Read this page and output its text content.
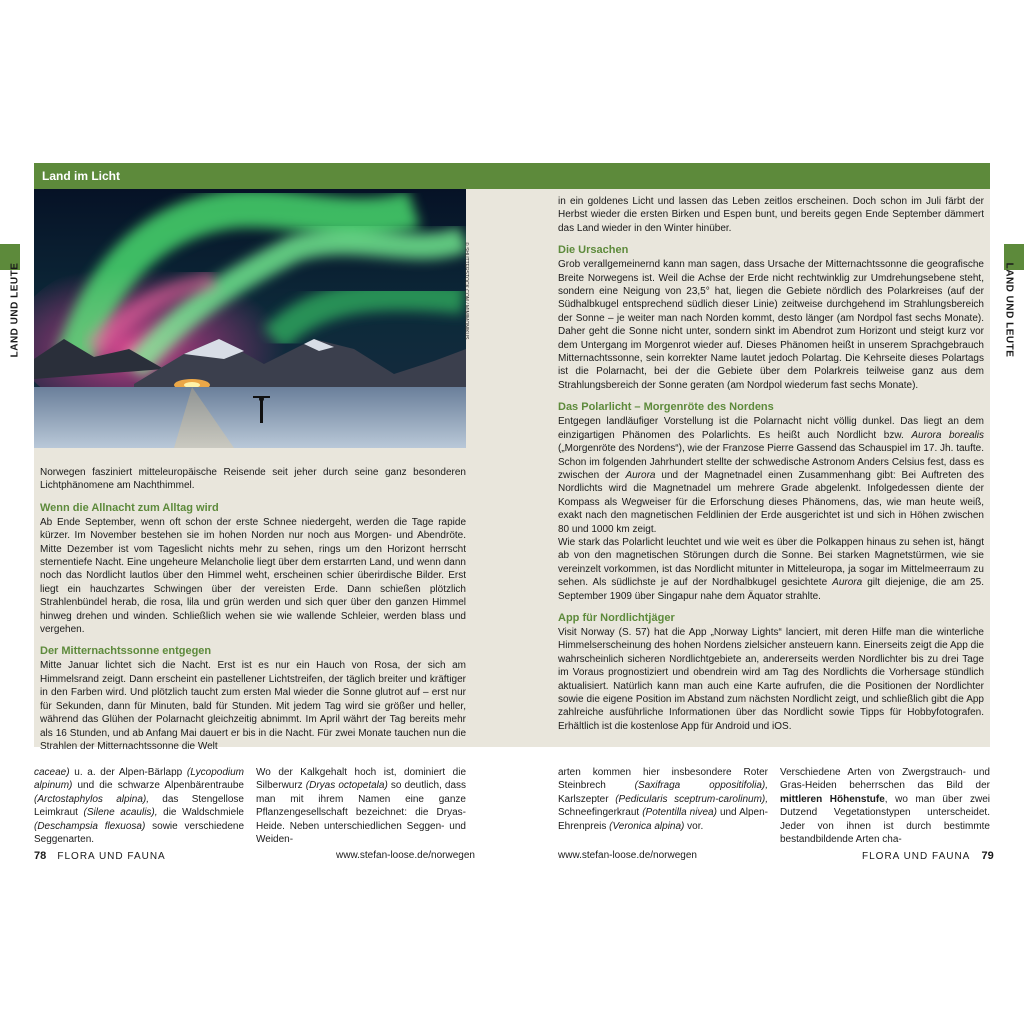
Land im Licht
LAND UND LEUTE	LAND UND LEUTE
© SHUTTERSTOCK.COM / MIMIMONIKUS

Norwegen fasziniert mitteleuropäische Reisende seit jeher durch seine ganz besonderen Lichtphänomene am Nachthimmel.

Wenn die Allnacht zum Alltag wird

Ab Ende September, wenn oft schon der erste Schnee niedergeht, werden die Tage rapide kürzer. Im November bestehen sie im hohen Norden nur noch aus Morgen- und Abendröte. Mitte Dezember ist vom Tageslicht nichts mehr zu sehen, rings um den Horizont herrscht sternentiefe Nacht. Eine ungeheure Melancholie liegt über dem erstarrten Land, und wenn dann noch das Nordlicht lautlos über den Himmel weht, erscheinen schier überirdische Bilder. Erst liegt ein hauchzartes Schwingen über der vereisten Erde. Dann schießen plötzlich Strahlenbündel herab, die rosa, lila und grün werden und sich quer über den ganzen Himmel hinweg drehen und winden. Schließlich wehen sie wie wallende Schleier, werden blass und vergehen.

Der Mitternachtssonne entgegen

Mitte Januar lichtet sich die Nacht. Erst ist es nur ein Hauch von Rosa, der sich am Himmelsrand zeigt. Dann erscheint ein pastellener Lichtstreifen, der täglich breiter und kräftiger in den Farben wird. Und plötzlich taucht zum ersten Mal wieder die Sonne glutrot auf – erst nur für Sekunden, dann für Minuten, bald für Stunden. Mit jedem Tag wird sie größer und heller, während das Glühen der Polarnacht gleichzeitig abnimmt. Im April währt der Tag bereits mehr als 16 Stunden, und ab Anfang Mai dauert er bis in die Nacht. Für zwei Monate tauchen nun die Strahlen der Mitternachtssonne die Welt

in ein goldenes Licht und lassen das Leben zeitlos erscheinen. Doch schon im Juli färbt der Herbst wieder die ersten Birken und Espen bunt, und bereits gegen Ende September dämmert das Land wieder in den Winter hinüber.

Die Ursachen

Grob verallgemeinernd kann man sagen, dass Ursache der Mitternachtssonne die geografische Breite Norwegens ist. Weil die Achse der Erde nicht rechtwinklig zur Umdrehungsebene steht, sondern eine Neigung von 23,5° hat, liegen die Gebiete nördlich des Polarkreises (auf der Südhalbkugel entsprechend südlich dieser Linie) zeitweise durchgehend im Strahlungsbereich der Sonne – je weiter man nach Norden kommt, desto länger (am Nordpol fast sechs Monate). Daher geht die Sonne nicht unter, sondern sinkt im Abendrot zum Horizont und steigt kurz vor dem Untergang im Morgenrot wieder auf. Dieses Phänomen heißt in unserem Sprachgebrauch Mitternachtssonne, sein korrekter Name lautet jedoch Polartag. Die Kehrseite dieses Polartags ist die Polarnacht, bei der die Gebiete über dem Polarkreis teilweise ganz aus dem Strahlungsbereich der Sonne geraten (am Nordpol wiederum fast sechs Monate).

Das Polarlicht – Morgenröte des Nordens

Entgegen landläufiger Vorstellung ist die Polarnacht nicht völlig dunkel. Das liegt an dem einzigartigen Phänomen des Polarlichts. Es heißt auch Nordlicht bzw. Aurora borealis („Morgenröte des Nordens“), wie der Franzose Pierre Gassend das Schauspiel im 17. Jh. taufte. Schon im folgenden Jahrhundert stellte der schwedische Astronom Anders Celsius fest, dass es zwischen der Aurora und der Magnetnadel einen Zusammenhang gibt: Bei Auftreten des Nordlichts wird die Magnetnadel um mehrere Grade abgelenkt. Infolgedessen diente der Kompass als Wegweiser für die Erforschung dieses Phänomens, das, wie man heute weiß, exakt nach den magnetischen Feldlinien der Erde ausgerichtet ist und sich in Höhen zwischen 80 und 1000 km zeigt.

Wie stark das Polarlicht leuchtet und wie weit es über die Polkappen hinaus zu sehen ist, hängt ab von den magnetischen Störungen durch die Sonne. Bei starken Magnetstürmen, wie sie vereinzelt vorkommen, ist das Nordlicht mitunter in Mitteleuropa, ja sogar im Mittelmeerraum zu sehen. Als südlichste je auf der Nordhalbkugel gesichtete Aurora gilt diejenige, die am 25. September 1909 über Singapur nahe dem Äquator strahlte.

App für Nordlichtjäger

Visit Norway (S. 57) hat die App „Norway Lights“ lanciert, mit deren Hilfe man die winterliche Himmelserscheinung des hohen Nordens zielsicher ansteuern kann. Einerseits zeigt die App die wahrscheinlich sicheren Nordlichtgebiete an, andererseits werden Nordlichter bis zu drei Tage im Voraus prognostiziert und obendrein wird am Tag des Nordlichts die Vorhersage stündlich aktualisiert. Natürlich kann man auch eine Karte aufrufen, die die Positionen der Nordlichter sowie die eigene Position im Abstand zum nächsten Nordlicht zeigt, und schließlich gibt die App zahlreiche ausführliche Informationen über das Nordlicht sowie Tipps für Hobbyfotografen. Erhältlich ist die kostenlose App für Android und iOS.

caceae) u. a. der Alpen-Bärlapp (Lycopodium alpinum) und die schwarze Alpenbärentraube (Arctostaphylos alpina), das Stengellose Leimkraut (Silene acaulis), die Waldschmiele (Deschampsia flexuosa) sowie verschiedene Seggenarten.
Wo der Kalkgehalt hoch ist, dominiert die Silberwurz (Dryas octopetala) so deutlich, dass man mit ihrem Namen eine ganze Pflanzengesellschaft bezeichnet: die Dryas-Heide. Neben unterschiedlichen Seggen- und Weiden-
arten kommen hier insbesondere Roter Steinbrech (Saxifraga oppositifolia), Karlszepter (Pedicularis sceptrum-carolinum), Schneefingerkraut (Potentilla nivea) und Alpen-Ehrenpreis (Veronica alpina) vor.
Verschiedene Arten von Zwergstrauch- und Gras-Heiden beherrschen das Bild der mittleren Höhenstufe, wo man über zwei Dutzend Vegetationstypen unterscheidet. Jeder von ihnen ist durch bestimmte bestandbildende Arten cha-
78 FLORA UND FAUNA	www.stefan-loose.de/norwegen	www.stefan-loose.de/norwegen	FLORA UND FAUNA 79
